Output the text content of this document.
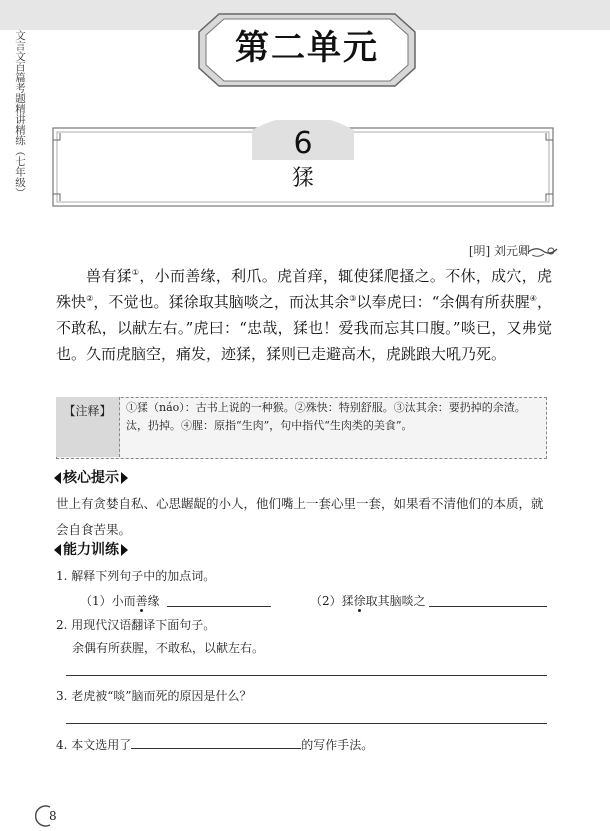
文言文百篇考题精讲精练（七年级）	第二单元
6
猱
[明] 刘元卿
兽有猱①，小而善缘，利爪。虎首痒，辄使猱爬搔之。不休，成穴，虎殊快②，不觉也。猱徐取其脑啖之，而汰其余③以奉虎曰：“余偶有所获腥④，不敢私，以献左右。”虎曰：“忠哉，猱也！爱我而忘其口腹。”啖已，又弗觉也。久而虎脑空，痛发，迹猱，猱则已走避高木，虎跳踉大吼乃死。
【注释】	①猱（náo）：古书上说的一种猴。②殊快：特别舒服。③汰其余：要扔掉的余渣。汰，扔掉。④腥：原指“生肉”，句中指代“生肉类的美食”。
核心提示
世上有贪婪自私、心思龌龊的小人，他们嘴上一套心里一套，如果看不清他们的本质，就会自食苦果。
能力训练
1. 解释下列句子中的加点词。
（1）小而善缘	（2）猱徐取其脑啖之
2. 用现代汉语翻译下面句子。
余偶有所获腥，不敢私，以献左右。
3. 老虎被“啖”脑而死的原因是什么？
4. 本文选用了	的写作手法。
8
